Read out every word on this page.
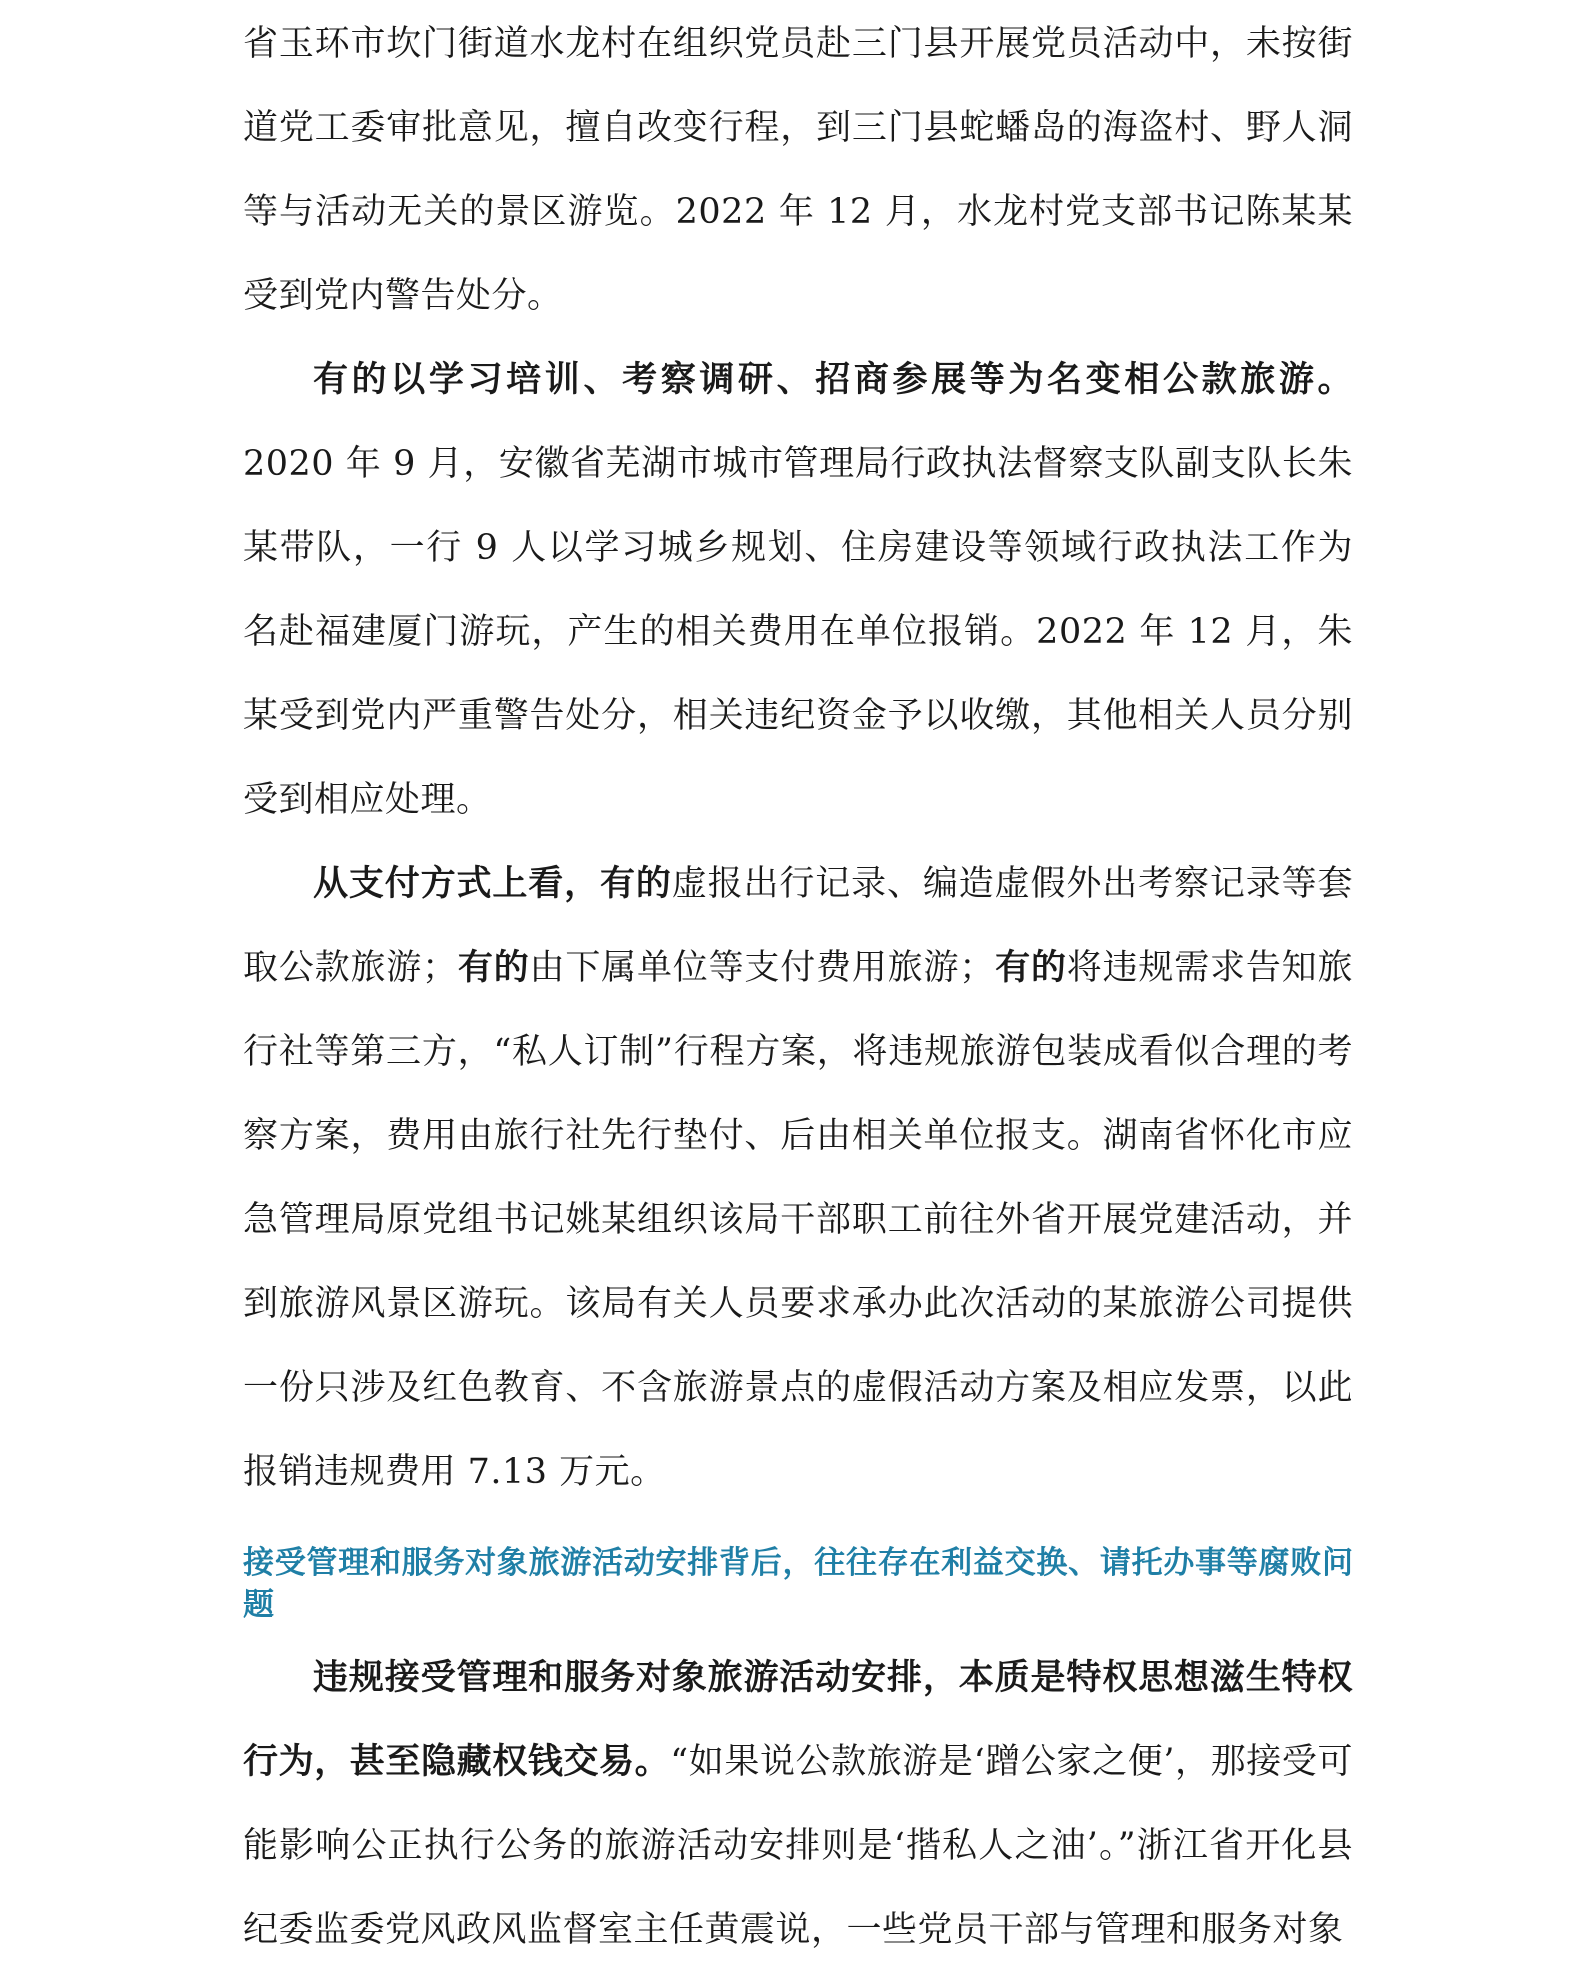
省玉环市坎门街道水龙村在组织党员赴三门县开展党员活动中，未按街道党工委审批意见，擅自改变行程，到三门县蛇蟠岛的海盗村、野人洞等与活动无关的景区游览。2022 年 12 月，水龙村党支部书记陈某某受到党内警告处分。

有的以学习培训、考察调研、招商参展等为名变相公款旅游。2020 年 9 月，安徽省芜湖市城市管理局行政执法督察支队副支队长朱某带队，一行 9 人以学习城乡规划、住房建设等领域行政执法工作为名赴福建厦门游玩，产生的相关费用在单位报销。2022 年 12 月，朱某受到党内严重警告处分，相关违纪资金予以收缴，其他相关人员分别受到相应处理。

从支付方式上看，有的虚报出行记录、编造虚假外出考察记录等套取公款旅游；有的由下属单位等支付费用旅游；有的将违规需求告知旅行社等第三方，“私人订制”行程方案，将违规旅游包装成看似合理的考察方案，费用由旅行社先行垫付、后由相关单位报支。湖南省怀化市应急管理局原党组书记姚某组织该局干部职工前往外省开展党建活动，并到旅游风景区游玩。该局有关人员要求承办此次活动的某旅游公司提供一份只涉及红色教育、不含旅游景点的虚假活动方案及相应发票，以此报销违规费用 7.13 万元。

接受管理和服务对象旅游活动安排背后，往往存在利益交换、请托办事等腐败问题

违规接受管理和服务对象旅游活动安排，本质是特权思想滋生特权行为，甚至隐藏权钱交易。“如果说公款旅游是‘蹭公家之便’，那接受可能影响公正执行公务的旅游活动安排则是‘揩私人之油’。”浙江省开化县纪委监委党风政风监督室主任黄震说，一些党员干部与管理和服务对象
